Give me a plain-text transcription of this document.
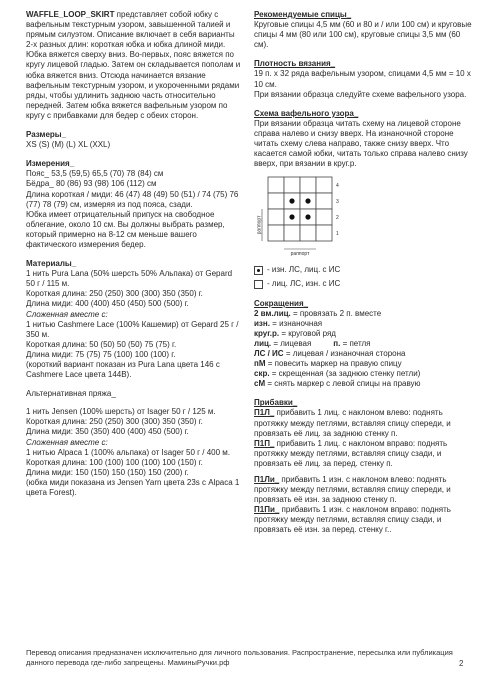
WAFFLE_LOOP_SKIRT представляет собой юбку с вафельным текстурным узором, завышенной талией и прямым силуэтом. Описание включает в себя варианты 2-х разных длин: короткая юбка и юбка длиной миди.

Юбка вяжется сверху вниз. Во-первых, пояс вяжется по кругу лицевой гладью. Затем он складывается пополам и юбка вяжется вниз. Отсюда начинается вязание вафельным текстурным узором, и укороченными рядами ряды, чтобы удлинить заднюю часть относительно передней. Затем юбка вяжется вафельным узором по кругу с прибавками для бедер с обеих сторон.

Размеры_

XS (S) (M) (L) XL (XXL)

Измерения_

Пояс_ 53,5 (59,5) 65,5 (70) 78 (84) см

Бёдра_ 80 (86) 93 (98) 106 (112) см

Длина короткая / миди: 46 (47) 48 (49) 50 (51) / 74 (75) 76 (77) 78 (79) см, измеряя из под пояса, сзади.

Юбка имеет отрицательный припуск на свободное облегание, около 10 см. Вы должны выбрать размер, который примерно на 8-12 см меньше вашего фактического измерения бедер.

Материалы_

1 нить Pura Lana (50% шерсть 50% Альпака) от Gepard 50 г / 115 м.

Короткая длина: 250 (250) 300 (300) 350 (350) г.

Длина миди: 400 (400) 450 (450) 500 (500) г.

Сложенная вместе с:

1 нитью Cashmere Lace (100% Кашемир) от Gepard 25 г / 350 м.

Короткая длина: 50 (50) 50 (50) 75 (75) г.

Длина миди: 75 (75) 75 (100) 100 (100) г.

(короткий вариант показан из Pura Lana цвета 146 с Cashmere Lace цвета 144B).

Альтернативная пряжа_

1 нить Jensen (100% шерсть) от Isager 50 г / 125 м.

Короткая длина: 250 (250) 300 (300) 350 (350) г.

Длина миди: 350 (350) 400 (400) 450 (500) г.

Сложенная вместе с:

1 нитью Alpaca 1 (100% альпака) от Isager 50 г / 400 м.

Короткая длина: 100 (100) 100 (100) 100 (150) г.

Длина миди: 150 (150) 150 (150) 150 (200) г.

(юбка миди показана из Jensen Yarn цвета 23s с Alpaca 1 цвета Forest).

Рекомендуемые спицы_

Круговые спицы 4,5 мм (60 и 80 и / или 100 см) и круговые спицы 4 мм (80 или 100 см), круговые спицы 3,5 мм (60 см).

Плотность вязания_

19 п. x 32 ряда вафельным узором, спицами 4,5 мм = 10 x 10 см.

При вязании образца следуйте схеме вафельного узора.

Схема вафельного узора_

При вязании образца читать схему на лицевой стороне справа налево и снизу вверх. На изнаночной стороне читать схему слева направо, также снизу вверх. Что касается самой юбки, читать только справа налево снизу вверх, при вязании в круг.р.

4
3
2
1
раппорт
раппорт
- изн. ЛС, лиц. с ИС
- лиц. ЛС, изн. с ИС

Сокращения_

2 вм.лиц. = провязать 2 п. вместе

изн. = изнаночная

круг.р. = круговой ряд

лиц. = лицевая	п. = петля

ЛС / ИС = лицевая / изнаночная сторона

пМ = повесить маркер на правую спицу

скр. = скрещенная (за заднюю стенку петли)

сМ = снять маркер с левой спицы на правую

Прибавки_

П1Л_ прибавить 1 лиц. с наклоном влево: поднять протяжку между петлями, вставляя спицу спереди, и провязать её лиц. за заднюю стенку п.

П1П_ прибавить 1 лиц. с наклоном вправо: поднять протяжку между петлями, вставляя спицу сзади, и провязать её лиц. за перед. стенку п.

П1Ли_ прибавить 1 изн. с наклоном влево: поднять протяжку между петлями, вставляя спицу спереди, и провязать её изн. за заднюю стенку п.

П1Пи_ прибавить 1 изн. с наклоном вправо: поднять протяжку между петлями, вставляя спицу сзади, и провязать её изн. за перед. стенку г..

Перевод описания предназначен исключительно для личного пользования. Распространение, пересылка или публикация данного перевода где-либо запрещены. МаминыРучки.рф	2
